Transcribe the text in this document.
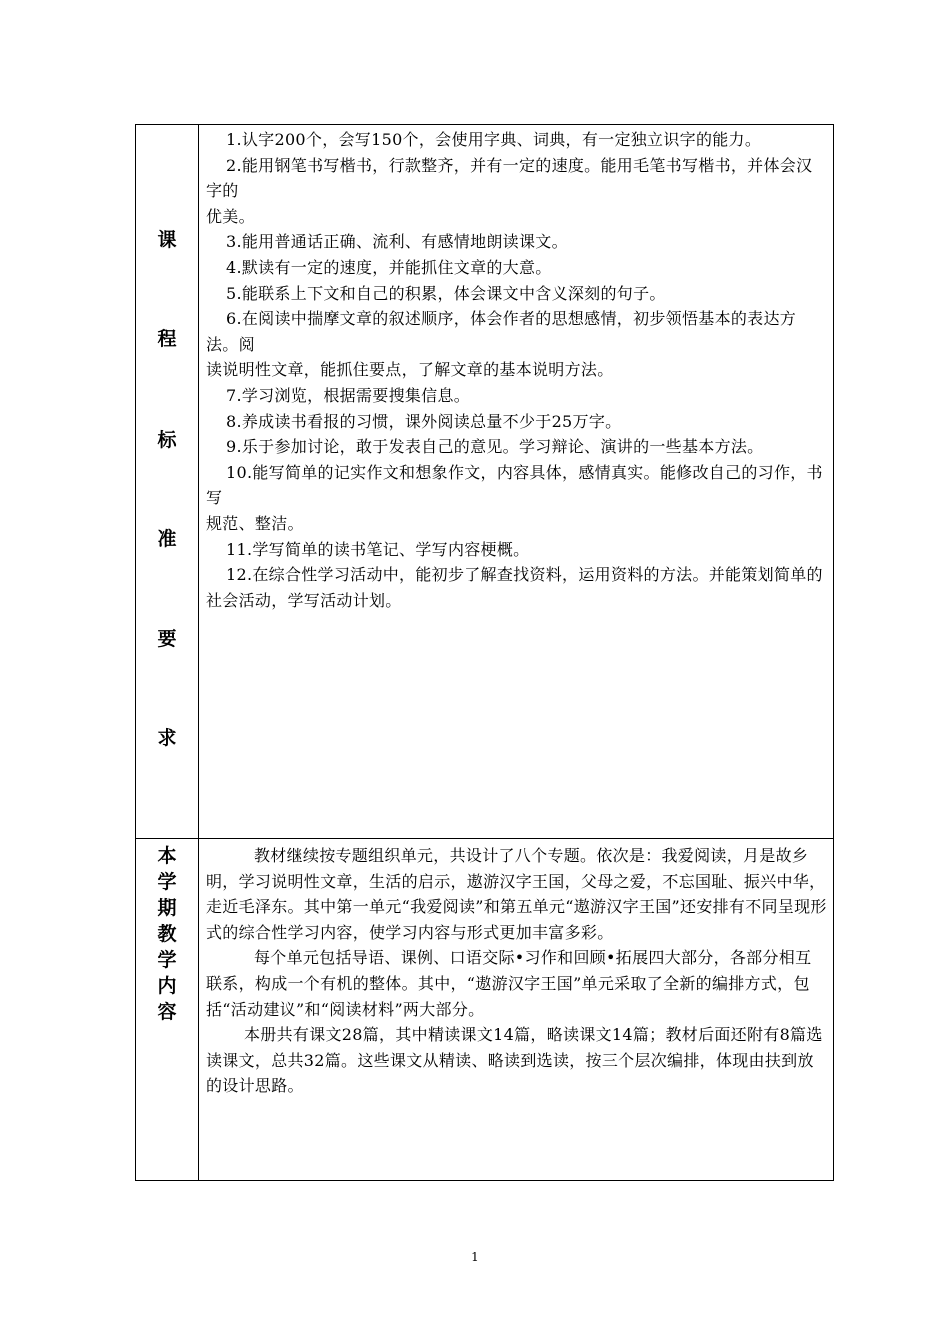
课
程
标
准
要
求

1.认字200个，会写150个，会使用字典、词典，有一定独立识字的能力。

2.能用钢笔书写楷书，行款整齐，并有一定的速度。能用毛笔书写楷书，并体会汉字的

优美。

3.能用普通话正确、流利、有感情地朗读课文。

4.默读有一定的速度，并能抓住文章的大意。

5.能联系上下文和自己的积累，体会课文中含义深刻的句子。

6.在阅读中揣摩文章的叙述顺序，体会作者的思想感情，初步领悟基本的表达方法。阅

读说明性文章，能抓住要点，了解文章的基本说明方法。

7.学习浏览，根据需要搜集信息。

8.养成读书看报的习惯，课外阅读总量不少于25万字。

9.乐于参加讨论，敢于发表自己的意见。学习辩论、演讲的一些基本方法。

10.能写简单的记实作文和想象作文，内容具体，感情真实。能修改自己的习作，书写

规范、整洁。

11.学写简单的读书笔记、学写内容梗概。

12.在综合性学习活动中，能初步了解查找资料，运用资料的方法。并能策划简单的社会活动，学写活动计划。

本
学
期
教
学
内
容

教材继续按专题组织单元，共设计了八个专题。依次是：我爱阅读，月是故乡明，学习说明性文章，生活的启示，遨游汉字王国，父母之爱，不忘国耻、振兴中华，走近毛泽东。其中第一单元“我爱阅读”和第五单元“遨游汉字王国”还安排有不同呈现形式的综合性学习内容，使学习内容与形式更加丰富多彩。

每个单元包括导语、课例、口语交际•习作和回顾•拓展四大部分，各部分相互联系，构成一个有机的整体。其中，“遨游汉字王国”单元采取了全新的编排方式，包括“活动建议”和“阅读材料”两大部分。

本册共有课文28篇，其中精读课文14篇，略读课文14篇；教材后面还附有8篇选读课文，总共32篇。这些课文从精读、略读到选读，按三个层次编排，体现由扶到放的设计思路。

1
